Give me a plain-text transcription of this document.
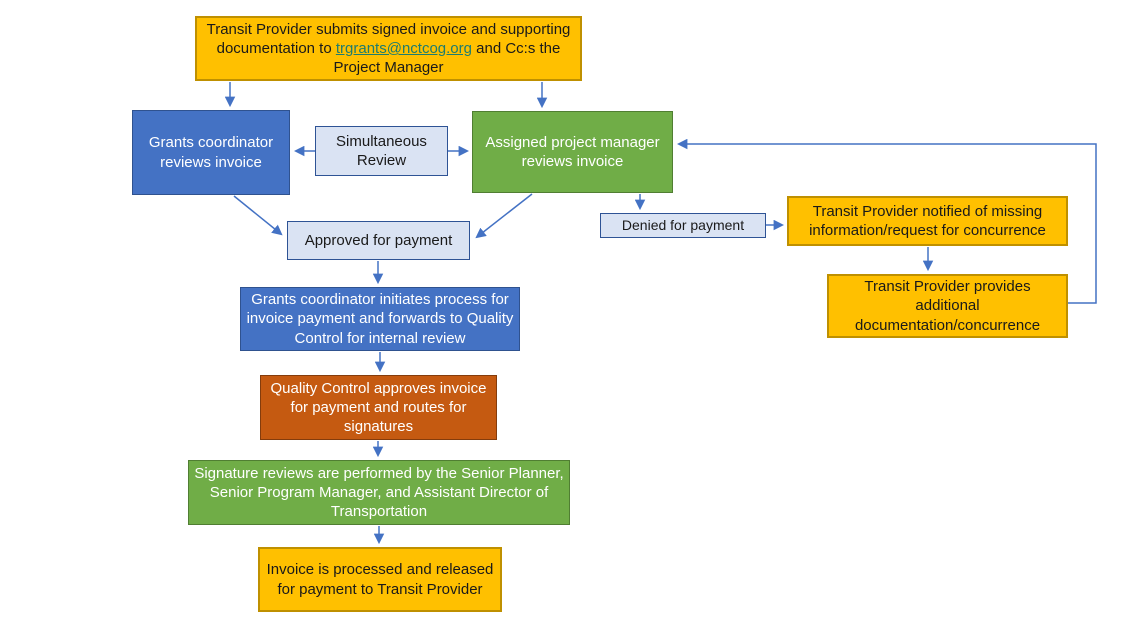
Transit Provider submits signed invoice and supporting documentation to trgrants@nctcog.org and Cc:s the Project Manager
Grants coordinator reviews invoice
Simultaneous Review
Assigned project manager reviews invoice
Approved for payment
Denied for payment
Transit Provider notified of missing information/request for concurrence
Transit Provider provides additional documentation/concurrence
Grants coordinator initiates process for invoice payment and forwards to Quality Control for internal review
Quality Control approves invoice for payment and routes for signatures
Signature reviews are performed by the Senior Planner, Senior Program Manager, and Assistant Director of Transportation
Invoice is processed and released for payment to Transit Provider
